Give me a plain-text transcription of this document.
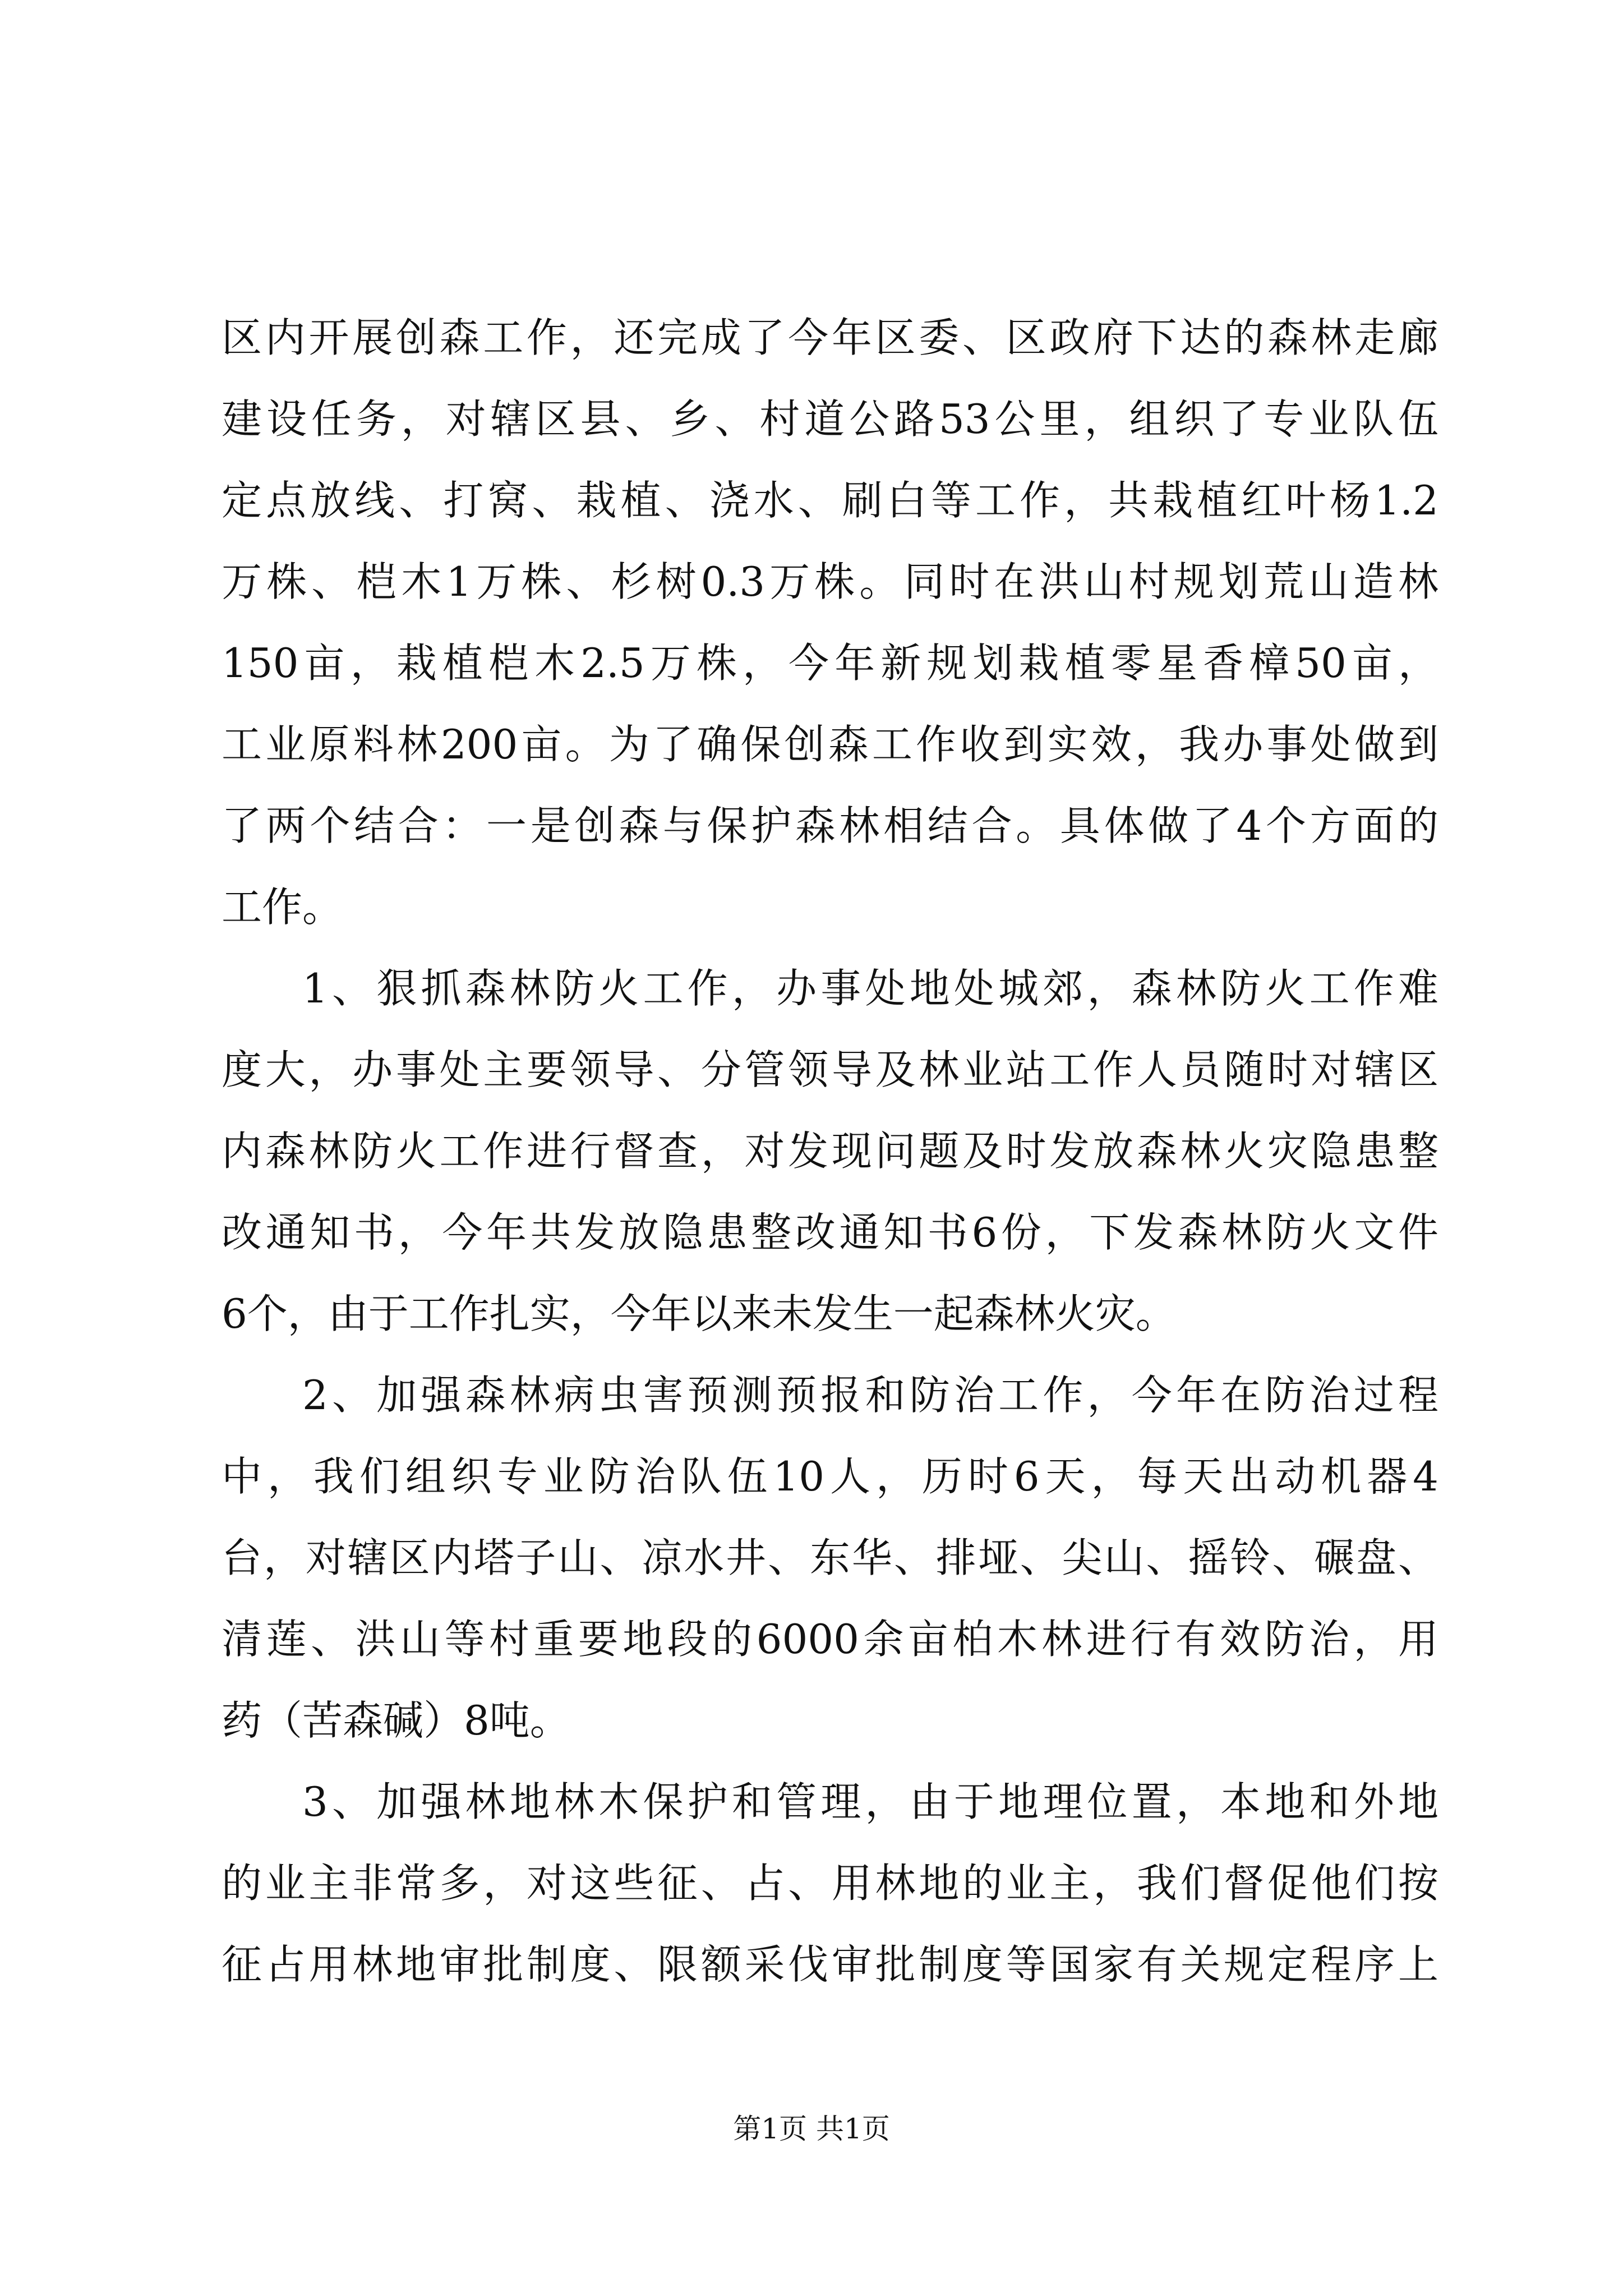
区内开展创森工作，还完成了今年区委、区政府下达的森林走廊
建设任务，对辖区县、乡、村道公路53公里，组织了专业队伍
定点放线、打窝、栽植、浇水、刷白等工作，共栽植红叶杨1.2
万株、桤木1万株、杉树0.3万株。同时在洪山村规划荒山造林
150亩，栽植桤木2.5万株，今年新规划栽植零星香樟50亩，
工业原料林200亩。为了确保创森工作收到实效，我办事处做到
了两个结合：一是创森与保护森林相结合。具体做了4个方面的
工作。
1、狠抓森林防火工作，办事处地处城郊，森林防火工作难
度大，办事处主要领导、分管领导及林业站工作人员随时对辖区
内森林防火工作进行督查，对发现问题及时发放森林火灾隐患整
改通知书，今年共发放隐患整改通知书6份，下发森林防火文件
6个，由于工作扎实，今年以来未发生一起森林火灾。
2、加强森林病虫害预测预报和防治工作，今年在防治过程
中，我们组织专业防治队伍10人，历时6天，每天出动机器4
台，对辖区内塔子山、凉水井、东华、排垭、尖山、摇铃、碾盘、
清莲、洪山等村重要地段的6000余亩柏木林进行有效防治，用
药（苦森碱）8吨。
3、加强林地林木保护和管理，由于地理位置，本地和外地
的业主非常多，对这些征、占、用林地的业主，我们督促他们按
征占用林地审批制度、限额采伐审批制度等国家有关规定程序上
第1页 共1页
